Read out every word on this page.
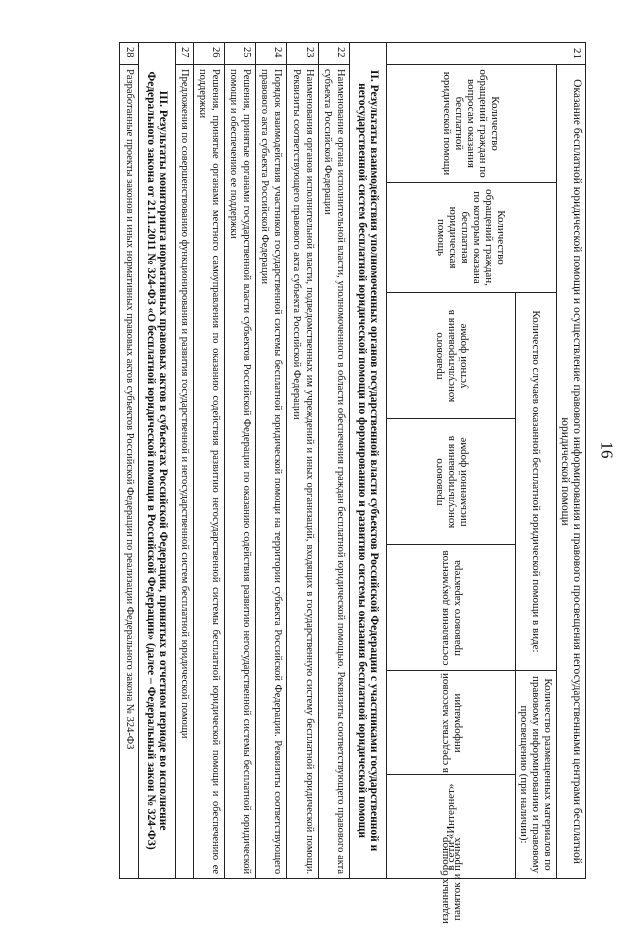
16
21	Оказание бесплатной юридической помощи и осуществление правового информирования и правового просвещения негосударственными центрами бесплатной юридической помощи							
	Количество обращений граждан по вопросам оказания бесплатной юридической помощи	Количество обращений граждан, по которым оказана бесплатная юридическая помощь	Количество случаев оказанной бесплатной юридической помощи в виде:			Количество размещенных материалов по правовому информированию и правовому просвещению (при наличии):		

			правового консультирования в устной форме	правового консультирования в письменной форме	составления документов правового характера	в средствах массовой информации	в сети «Интернет»	изданных брошюр, памяток и прочих

II. Результаты взаимодействия уполномоченных органов государственной власти субъектов Российской Федерации с участниками государственной и негосударственной систем бесплатной юридической помощи по формированию и развитию системы оказания бесплатной юридической помощи								
22	Наименование органа исполнительной власти, уполномоченного в области обеспечения граждан бесплатной юридической помощью. Реквизиты соответствующего правового акта субъекта Российской Федерации							
23	Наименования органов исполнительной власти, подведомственных им учреждений и иных организаций, входящих в государственную систему бесплатной юридической помощи. Реквизиты соответствующего правового акта субъекта Российской Федерации							
24	Порядок взаимодействия участников государственной системы бесплатной юридической помощи на территории субъекта Российской Федерации. Реквизиты соответствующего правового акта субъекта Российской Федерации							
25	Решения, принятые органами государственной власти субъектов Российской Федерации по оказанию содействия развитию негосударственной системы бесплатной юридической помощи и обеспечению ее поддержки							
26	Решения, принятые органами местного самоуправления по оказанию содействия развитию негосударственной системы бесплатной юридической помощи и обеспечению ее поддержки							
27	Предложения по совершенствованию функционирования и развития государственной и негосударственной систем бесплатной юридической помощи							
III. Результаты мониторинга нормативных правовых актов в субъектах Российской Федерации, принятых в отчетном периоде во исполнение Федерального закона от 21.11.2011 № 324-ФЗ «О бесплатной юридической помощи в Российской Федерации» (далее – Федеральный закон № 324-ФЗ)								
28	Разработанные проекты законов и иных нормативных правовых актов субъектов Российской Федерации по реализации Федерального закона № 324-ФЗ							
